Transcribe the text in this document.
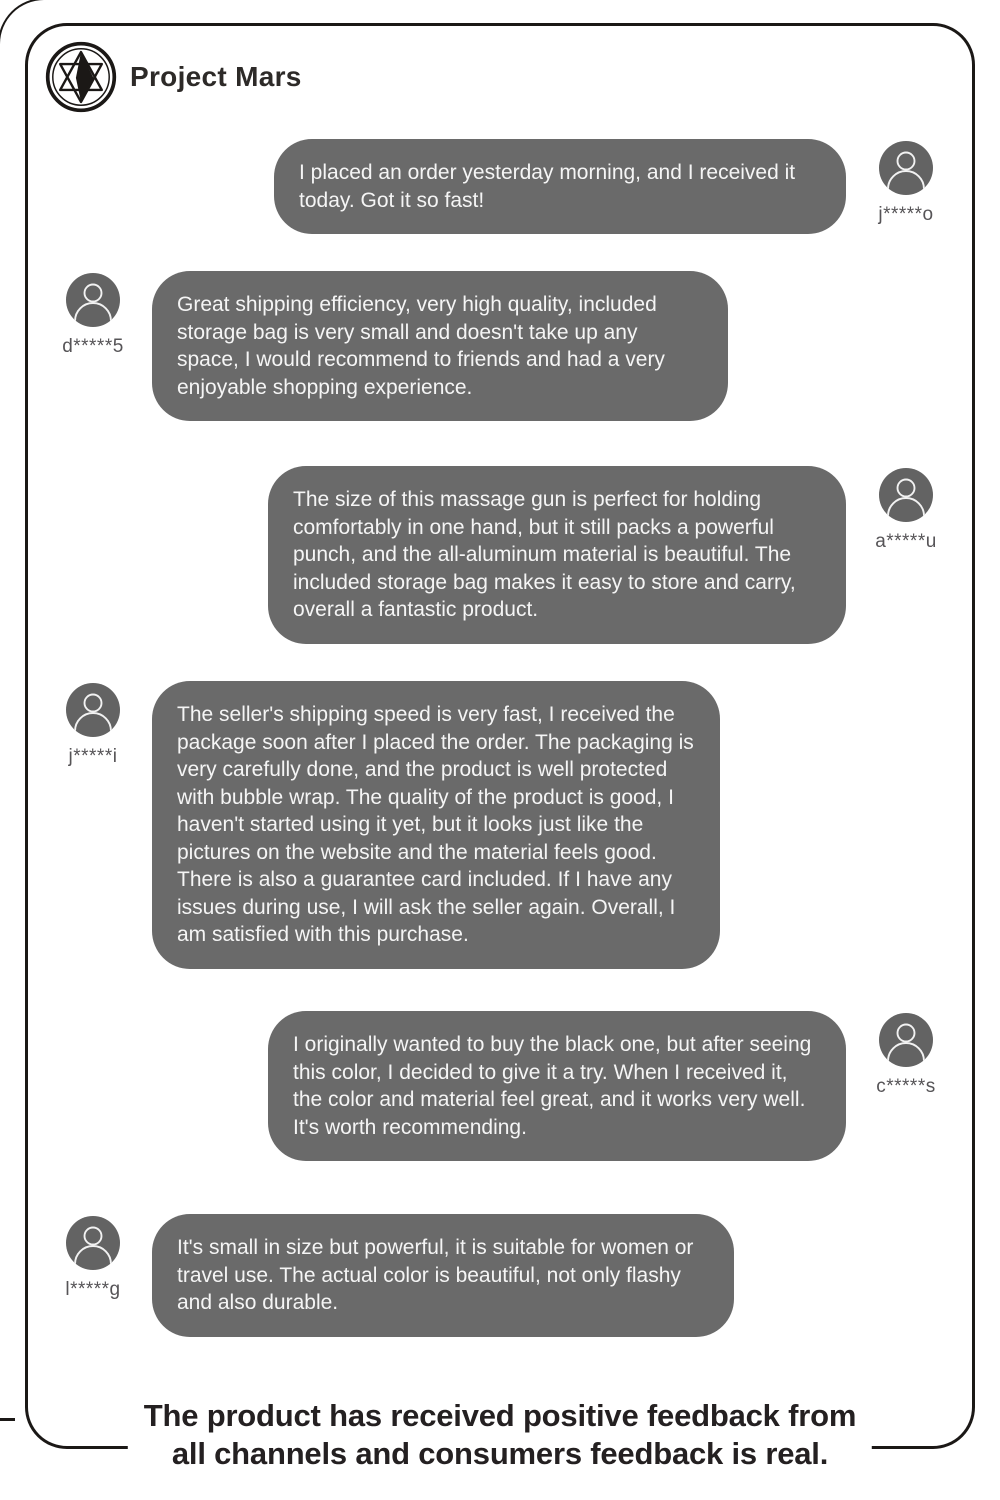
Project Mars
I placed an order yesterday morning, and I received it today. Got it so fast!
j*****o
d*****5
Great shipping efficiency, very high quality, included storage bag is very small and doesn't take up any space, I would recommend to friends and had a very enjoyable shopping experience.
The size of this massage gun is perfect for holding comfortably in one hand, but it still packs a powerful punch, and the all-aluminum material is beautiful. The included storage bag makes it easy to store and carry, overall a fantastic product.
a*****u
j*****i
The seller's shipping speed is very fast, I received the package soon after I placed the order. The packaging is very carefully done, and the product is well protected with bubble wrap. The quality of the product is good, I haven't started using it yet, but it looks just like the pictures on the website and the material feels good. There is also a guarantee card included. If I have any issues during use, I will ask the seller again. Overall, I am satisfied with this purchase.
I originally wanted to buy the black one, but after seeing this color, I decided to give it a try. When I received it, the color and material feel great, and it works very well. It's worth recommending.
c*****s
l*****g
It's small in size but powerful, it is suitable for women or travel use. The actual color is beautiful, not only flashy and also durable.
The product has received positive feedback from
all channels and consumers feedback is real.
